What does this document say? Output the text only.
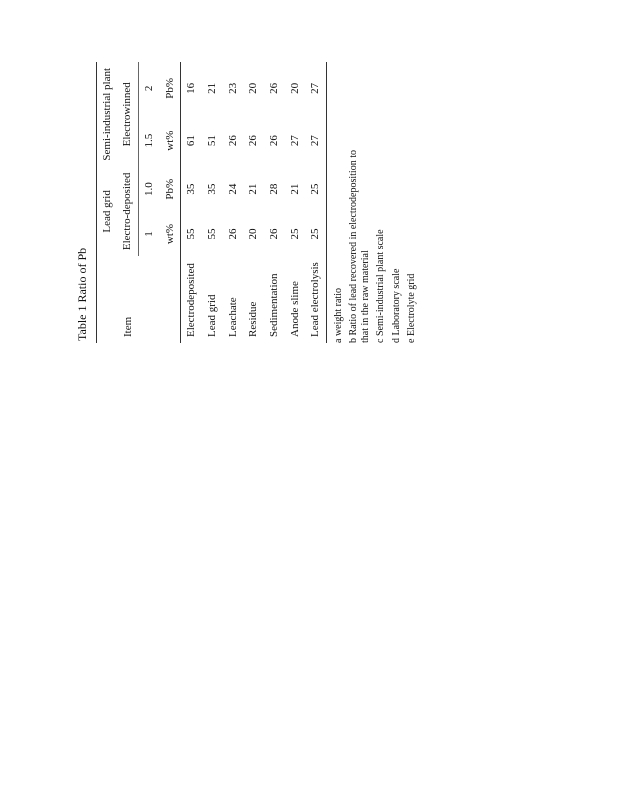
Table 1 Ratio of Pb	Item	Lead grid		Semi-industrial plant	
	Electro-deposited		Electrowinned	
	1	1.0	1.5	2
	wt%	Pb%	wt%	Pb%
Electrodeposited	55	35	61	16
Lead grid	55	35	51	21
Leachate	26	24	26	23
Residue	20	21	26	20
Sedimentation	26	28	26	26
Anode slime	25	21	27	20
Lead electrolysis	25	25	27	27
a weight ratio b Ratio of lead recovered in electrodeposition to that in the raw material c Semi-industrial plant scale d Laboratory scale e Electrolyte grid
